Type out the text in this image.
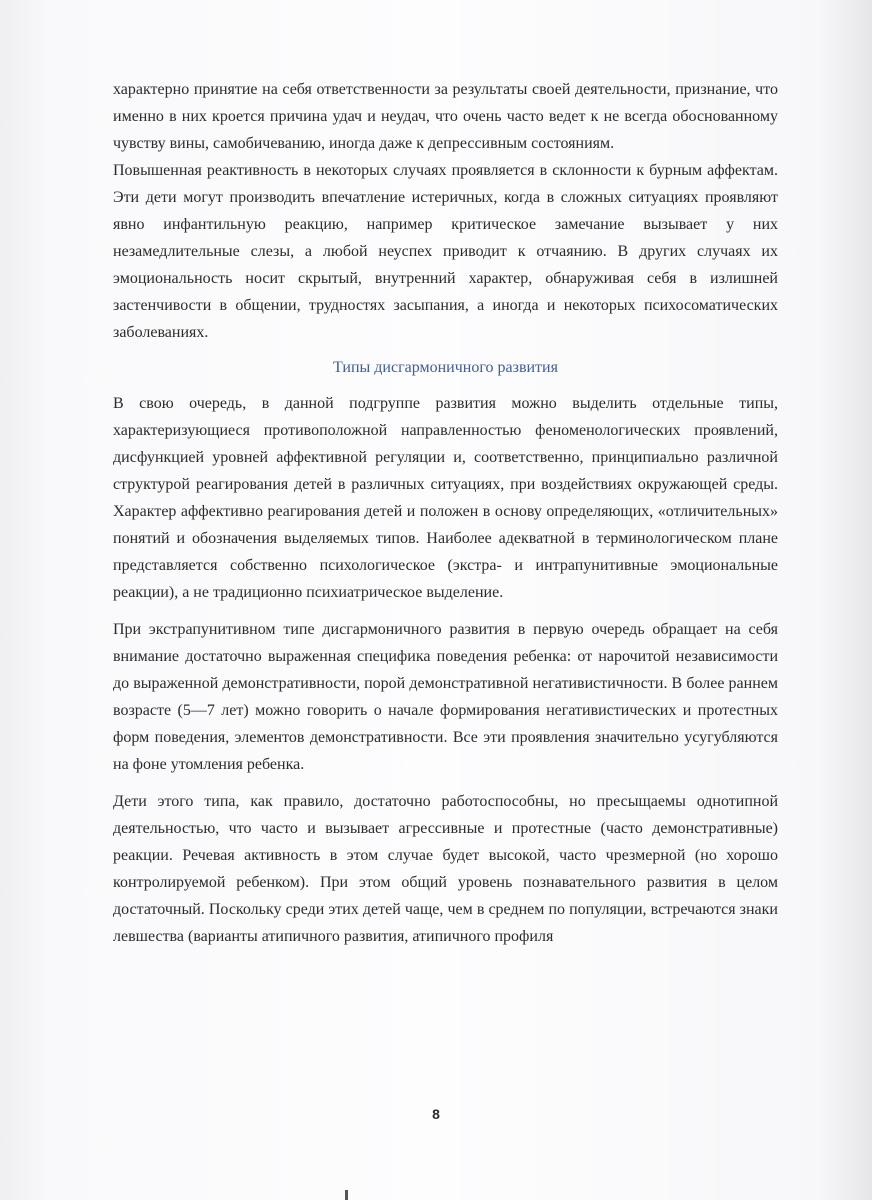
характерно принятие на себя ответственности за результаты своей деятельности, признание, что именно в них кроется причина удач и неудач, что очень часто ведет к не всегда обоснованному чувству вины, самобичеванию, иногда даже к депрессивным состояниям.

Повышенная реактивность в некоторых случаях проявляется в склонности к бурным аффектам. Эти дети могут производить впечатление истеричных, когда в сложных ситуациях проявляют явно инфантильную реакцию, например критическое замечание вызывает у них незамедлительные слезы, а любой неуспех приводит к отчаянию. В других случаях их эмоциональность носит скрытый, внутренний характер, обнаруживая себя в излишней застенчивости в общении, трудностях засыпания, а иногда и некоторых психосоматических заболеваниях.

Типы дисгармоничного развития

В свою очередь, в данной подгруппе развития можно выделить отдельные типы, характеризующиеся противоположной направленностью феноменологических проявлений, дисфункцией уровней аффективной регуляции и, соответственно, принципиально различной структурой реагирования детей в различных ситуациях, при воздействиях окружающей среды. Характер аффективно реагирования детей и положен в основу определяющих, «отличительных» понятий и обозначения выделяемых типов. Наиболее адекватной в терминологическом плане представляется собственно психологическое (экстра- и интрапунитивные эмоциональные реакции), а не традиционно психиатрическое выделение.

При экстрапунитивном типе дисгармоничного развития в первую очередь обращает на себя внимание достаточно выраженная специфика поведения ребенка: от нарочитой независимости до выраженной демонстративности, порой демонстративной негативистичности. В более раннем возрасте (5—7 лет) можно говорить о начале формирования негативистических и протестных форм поведения, элементов демонстративности. Все эти проявления значительно усугубляются на фоне утомления ребенка.

Дети этого типа, как правило, достаточно работоспособны, но пресыщаемы однотипной деятельностью, что часто и вызывает агрессивные и протестные (часто демонстративные) реакции. Речевая активность в этом случае будет высокой, часто чрезмерной (но хорошо контролируемой ребенком). При этом общий уровень познавательного развития в целом достаточный. Поскольку среди этих детей чаще, чем в среднем по популяции, встречаются знаки левшества (варианты атипичного развития, атипичного профиля

8
